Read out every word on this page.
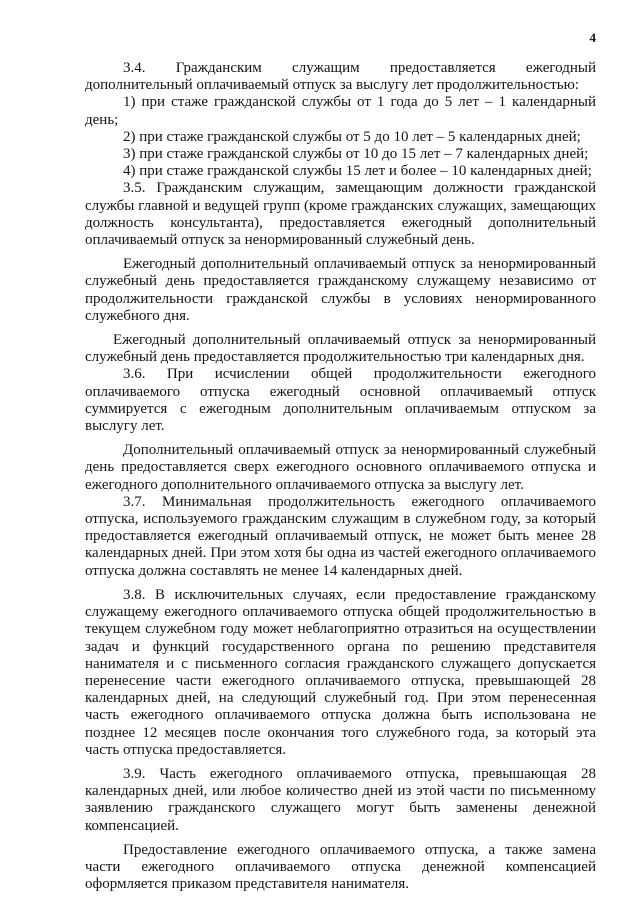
4

3.4. Гражданским служащим предоставляется ежегодный дополнительный оплачиваемый отпуск за выслугу лет продолжительностью:

1) при стаже гражданской службы от 1 года до 5 лет – 1 календарный день;

2) при стаже гражданской службы от 5 до 10 лет – 5 календарных дней;

3) при стаже гражданской службы от 10 до 15 лет – 7 календарных дней;

4) при стаже гражданской службы 15 лет и более – 10 календарных дней;

3.5. Гражданским служащим, замещающим должности гражданской службы главной и ведущей групп (кроме гражданских служащих, замещающих должность консультанта), предоставляется ежегодный дополнительный оплачиваемый отпуск за ненормированный служебный день.

Ежегодный дополнительный оплачиваемый отпуск за ненормированный служебный день предоставляется гражданскому служащему независимо от продолжительности гражданской службы в условиях ненормированного служебного дня.

Ежегодный дополнительный оплачиваемый отпуск за ненормированный служебный день предоставляется продолжительностью три календарных дня.

3.6. При исчислении общей продолжительности ежегодного оплачиваемого отпуска ежегодный основной оплачиваемый отпуск суммируется с ежегодным дополнительным оплачиваемым отпуском за выслугу лет.

Дополнительный оплачиваемый отпуск за ненормированный служебный день предоставляется сверх ежегодного основного оплачиваемого отпуска и ежегодного дополнительного оплачиваемого отпуска за выслугу лет.

3.7. Минимальная продолжительность ежегодного оплачиваемого отпуска, используемого гражданским служащим в служебном году, за который предоставляется ежегодный оплачиваемый отпуск, не может быть менее 28 календарных дней. При этом хотя бы одна из частей ежегодного оплачиваемого отпуска должна составлять не менее 14 календарных дней.

3.8. В исключительных случаях, если предоставление гражданскому служащему ежегодного оплачиваемого отпуска общей продолжительностью в текущем служебном году может неблагоприятно отразиться на осуществлении задач и функций государственного органа по решению представителя нанимателя и с письменного согласия гражданского служащего допускается перенесение части ежегодного оплачиваемого отпуска, превышающей 28 календарных дней, на следующий служебный год. При этом перенесенная часть ежегодного оплачиваемого отпуска должна быть использована не позднее 12 месяцев после окончания того служебного года, за который эта часть отпуска предоставляется.

3.9. Часть ежегодного оплачиваемого отпуска, превышающая 28 календарных дней, или любое количество дней из этой части по письменному заявлению гражданского служащего могут быть заменены денежной компенсацией.

Предоставление ежегодного оплачиваемого отпуска, а также замена части ежегодного оплачиваемого отпуска денежной компенсацией оформляется приказом представителя нанимателя.
